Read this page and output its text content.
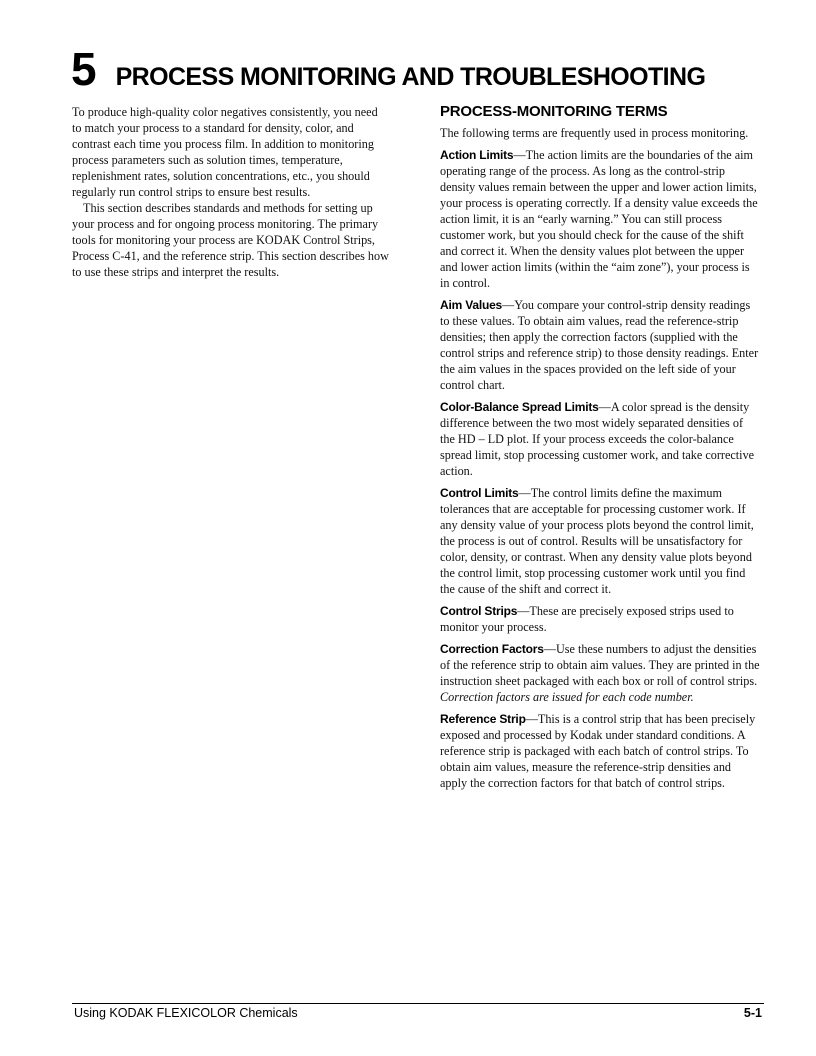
5 PROCESS MONITORING AND TROUBLESHOOTING

To produce high-quality color negatives consistently, you need to match your process to a standard for density, color, and contrast each time you process film. In addition to monitoring process parameters such as solution times, temperature, replenishment rates, solution concentrations, etc., you should regularly run control strips to ensure best results.

This section describes standards and methods for setting up your process and for ongoing process monitoring. The primary tools for monitoring your process are KODAK Control Strips, Process C-41, and the reference strip. This section describes how to use these strips and interpret the results.

PROCESS-MONITORING TERMS

The following terms are frequently used in process monitoring.

Action Limits—The action limits are the boundaries of the aim operating range of the process. As long as the control-strip density values remain between the upper and lower action limits, your process is operating correctly. If a density value exceeds the action limit, it is an “early warning.” You can still process customer work, but you should check for the cause of the shift and correct it. When the density values plot between the upper and lower action limits (within the “aim zone”), your process is in control.

Aim Values—You compare your control-strip density readings to these values. To obtain aim values, read the reference-strip densities; then apply the correction factors (supplied with the control strips and reference strip) to those density readings. Enter the aim values in the spaces provided on the left side of your control chart.

Color-Balance Spread Limits—A color spread is the density difference between the two most widely separated densities of the HD – LD plot. If your process exceeds the color-balance spread limit, stop processing customer work, and take corrective action.

Control Limits—The control limits define the maximum tolerances that are acceptable for processing customer work. If any density value of your process plots beyond the control limit, the process is out of control. Results will be unsatisfactory for color, density, or contrast. When any density value plots beyond the control limit, stop processing customer work until you find the cause of the shift and correct it.

Control Strips—These are precisely exposed strips used to monitor your process.

Correction Factors—Use these numbers to adjust the densities of the reference strip to obtain aim values. They are printed in the instruction sheet packaged with each box or roll of control strips. Correction factors are issued for each code number.

Reference Strip—This is a control strip that has been precisely exposed and processed by Kodak under standard conditions. A reference strip is packaged with each batch of control strips. To obtain aim values, measure the reference-strip densities and apply the correction factors for that batch of control strips.

Using KODAK FLEXICOLOR Chemicals	5-1
